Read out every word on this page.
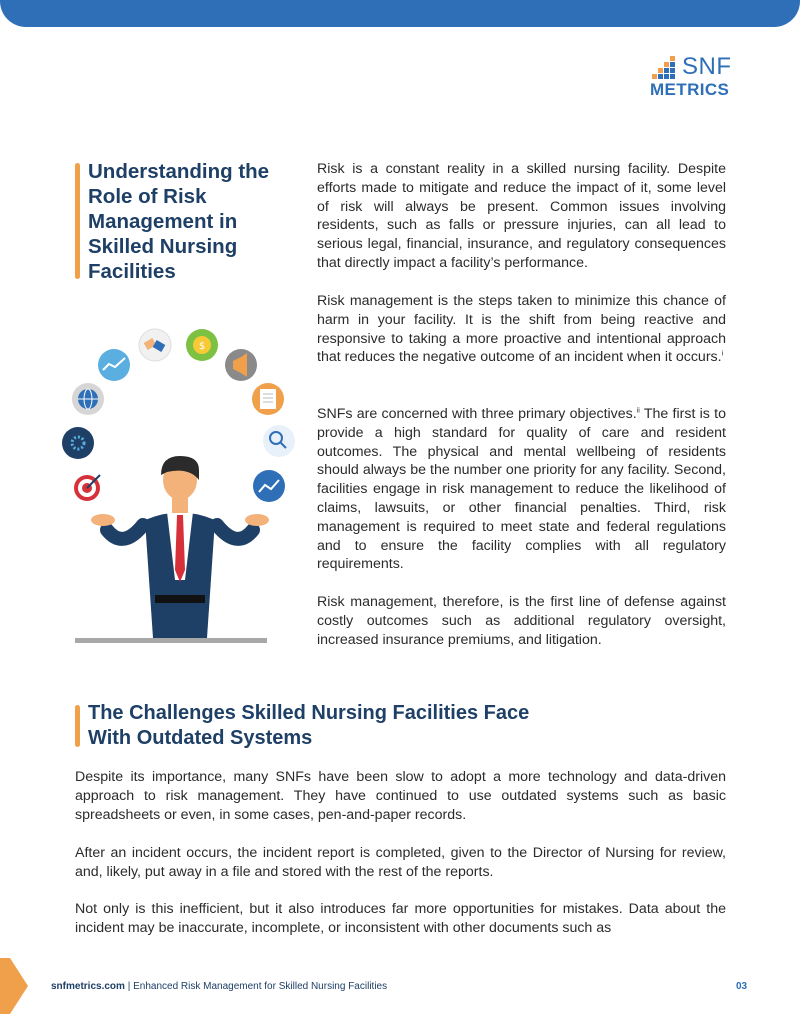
SNF
METRICS
Understanding the Role of Risk Management in Skilled Nursing Facilities

Risk is a constant reality in a skilled nursing facility. Despite efforts made to mitigate and reduce the impact of it, some level of risk will always be present. Common issues involving residents, such as falls or pressure injuries, can all lead to serious legal, financial, insurance, and regulatory consequences that directly impact a facility’s performance.

Risk management is the steps taken to minimize this chance of harm in your facility. It is the shift from being reactive and responsive to taking a more proactive and intentional approach that reduces the negative outcome of an incident when it occurs.$^i$

SNFs are concerned with three primary objectives.$^{ii}$ The first is to provide a high standard for quality of care and resident outcomes. The physical and mental wellbeing of residents should always be the number one priority for any facility. Second, facilities engage in risk management to reduce the likelihood of claims, lawsuits, or other financial penalties. Third, risk management is required to meet state and federal regulations and to ensure the facility complies with all regulatory requirements.

Risk management, therefore, is the first line of defense against costly outcomes such as additional regulatory oversight, increased insurance premiums, and litigation.

$
The Challenges Skilled Nursing Facilities Face With Outdated Systems

Despite its importance, many SNFs have been slow to adopt a more technology and data-driven approach to risk management. They have continued to use outdated systems such as basic spreadsheets or even, in some cases, pen-and-paper records.

After an incident occurs, the incident report is completed, given to the Director of Nursing for review, and, likely, put away in a file and stored with the rest of the reports.

Not only is this inefficient, but it also introduces far more opportunities for mistakes. Data about the incident may be inaccurate, incomplete, or inconsistent with other documents such as

snfmetrics.com | Enhanced Risk Management for Skilled Nursing Facilities	03
